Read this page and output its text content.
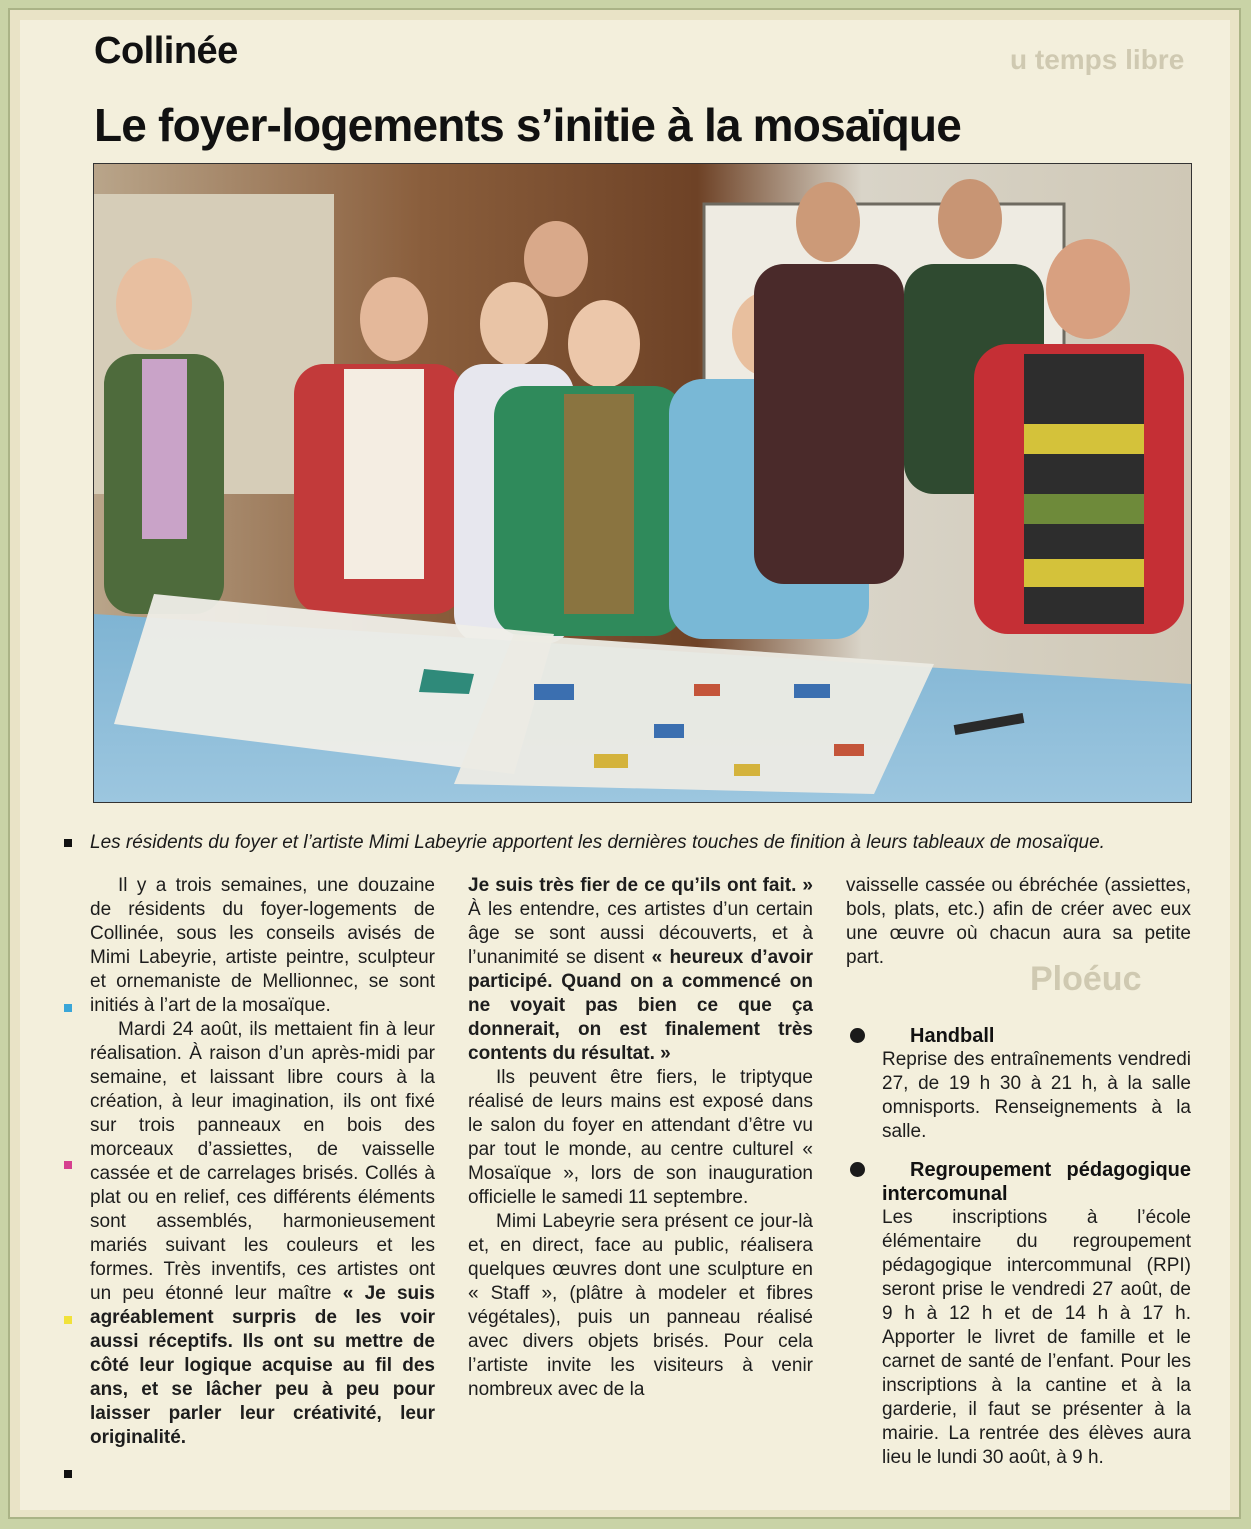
u temps libre
Ploéuc
Collinée
Le foyer-logements s’initie à la mosaïque
Les résidents du foyer et l’artiste Mimi Labeyrie apportent les dernières touches de finition à leurs tableaux de mosaïque.

Il y a trois semaines, une douzaine de résidents du foyer-logements de Collinée, sous les conseils avisés de Mimi Labeyrie, artiste peintre, sculpteur et ornemaniste de Mellionnec, se sont initiés à l’art de la mosaïque.

Mardi 24 août, ils mettaient fin à leur réalisation. À raison d’un après-midi par semaine, et laissant libre cours à la création, à leur imagination, ils ont fixé sur trois panneaux en bois des morceaux d’assiettes, de vaisselle cassée et de carrelages brisés. Collés à plat ou en relief, ces différents éléments sont assemblés, harmonieusement mariés suivant les couleurs et les formes. Très inventifs, ces artistes ont un peu étonné leur maître « Je suis agréablement surpris de les voir aussi réceptifs. Ils ont su mettre de côté leur logique acquise au fil des ans, et se lâcher peu à peu pour laisser parler leur créativité, leur originalité.

Je suis très fier de ce qu’ils ont fait. » À les entendre, ces artistes d’un certain âge se sont aussi découverts, et à l’unanimité se disent « heureux d’avoir participé. Quand on a commencé on ne voyait pas bien ce que ça donnerait, on est finalement très contents du résultat. »

Ils peuvent être fiers, le triptyque réalisé de leurs mains est exposé dans le salon du foyer en attendant d’être vu par tout le monde, au centre culturel « Mosaïque », lors de son inauguration officielle le samedi 11 septembre.

Mimi Labeyrie sera présent ce jour-là et, en direct, face au public, réalisera quelques œuvres dont une sculpture en « Staff », (plâtre à modeler et fibres végétales), puis un panneau réalisé avec divers objets brisés. Pour cela l’artiste invite les visiteurs à venir nombreux avec de la

vaisselle cassée ou ébréchée (assiettes, bols, plats, etc.) afin de créer avec eux une œuvre où chacun aura sa petite part.

Handball

Reprise des entraînements vendredi 27, de 19 h 30 à 21 h, à la salle omnisports. Renseignements à la salle.

Regroupement pédagogique intercomunal

Les inscriptions à l’école élémentaire du regroupement pédagogique intercommunal (RPI) seront prise le vendredi 27 août, de 9 h à 12 h et de 14 h à 17 h. Apporter le livret de famille et le carnet de santé de l’enfant. Pour les inscriptions à la cantine et à la garderie, il faut se présenter à la mairie. La rentrée des élèves aura lieu le lundi 30 août, à 9 h.
